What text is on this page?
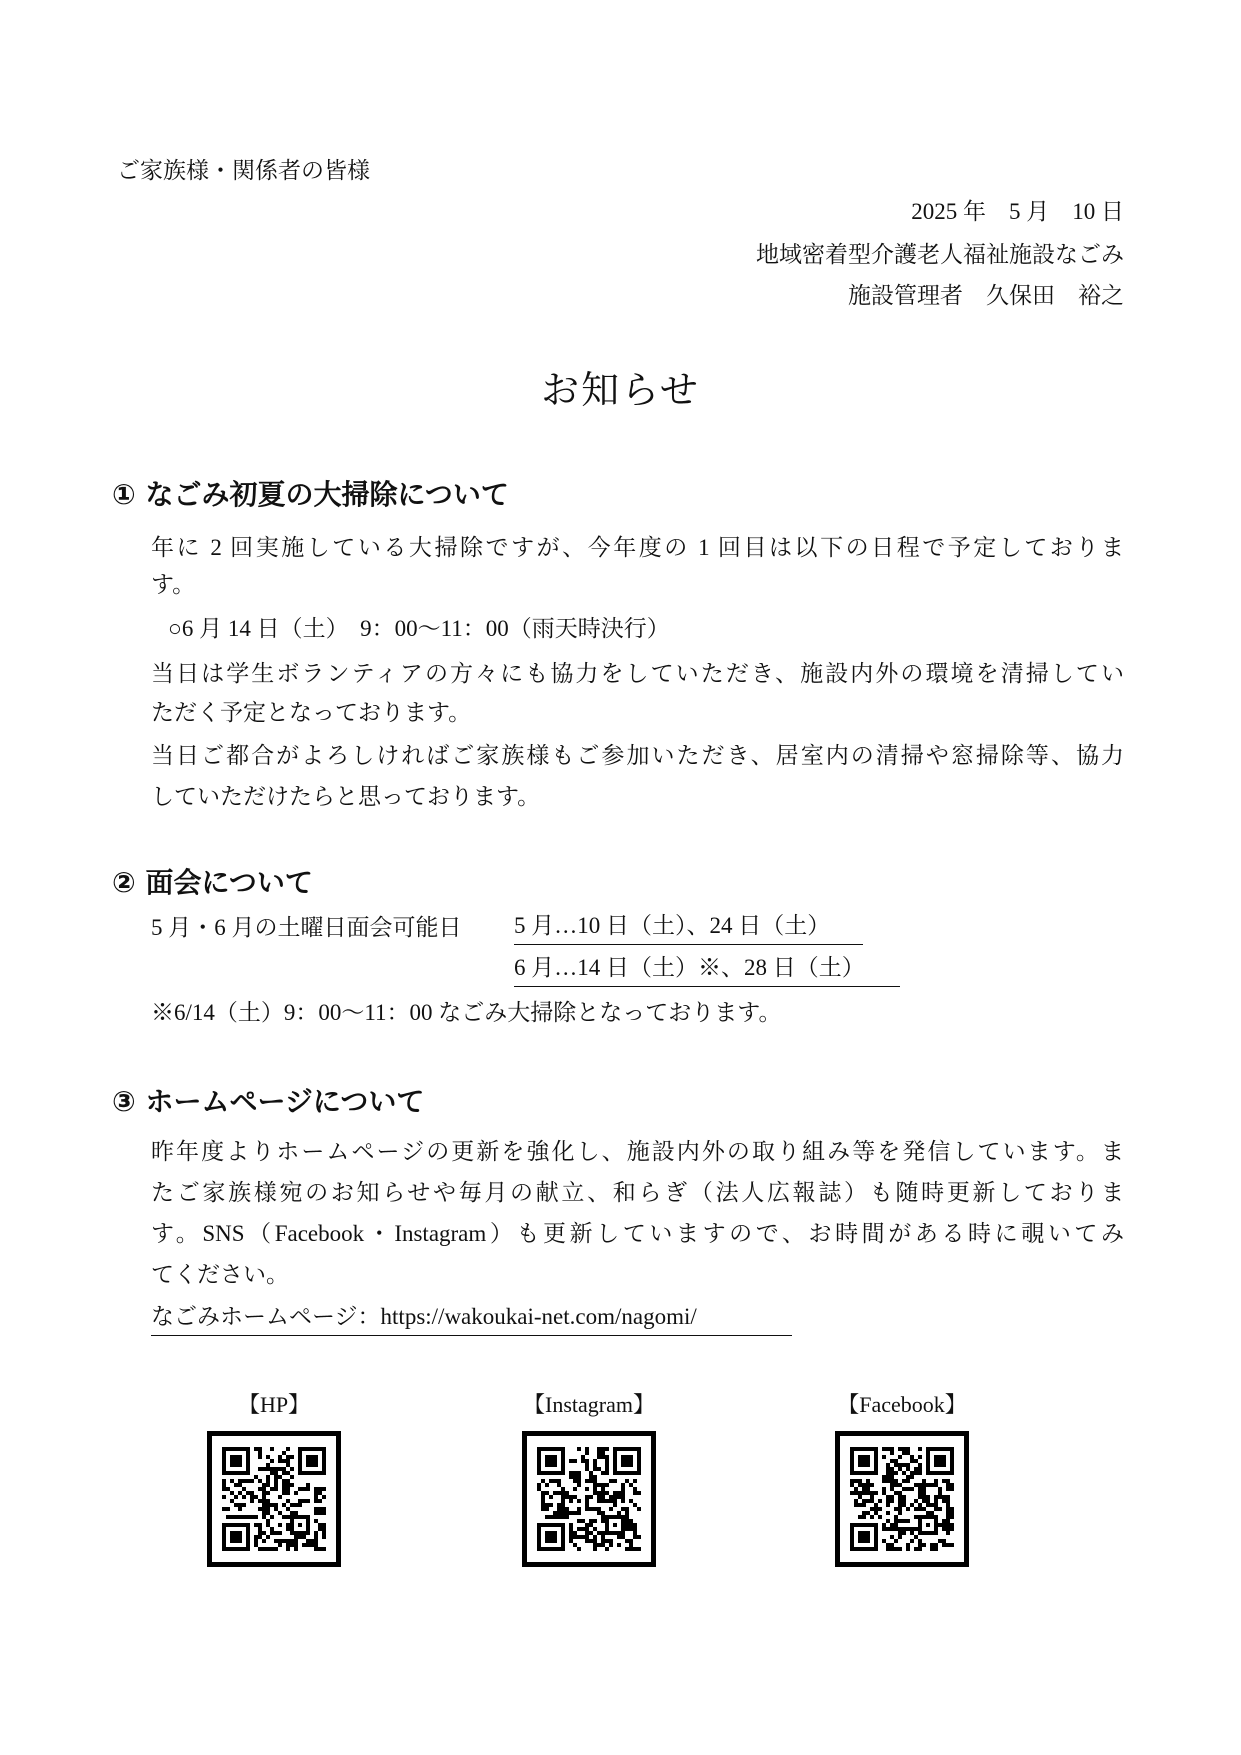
ご家族様・関係者の皆様
2025 年　5 月　10 日
地域密着型介護老人福祉施設なごみ
施設管理者　久保田　裕之
お知らせ
① なごみ初夏の大掃除について
年に 2 回実施している大掃除ですが、今年度の 1 回目は以下の日程で予定しておりま
す。
○6 月 14 日（土）　9：00～11：00（雨天時決行）
当日は学生ボランティアの方々にも協力をしていただき、施設内外の環境を清掃してい
ただく予定となっております。
当日ご都合がよろしければご家族様もご参加いただき、居室内の清掃や窓掃除等、協力
していただけたらと思っております。
② 面会について
5 月・6 月の土曜日面会可能日 5 月…10 日（土）、24 日（土）
6 月…14 日（土）※、28 日（土）
※6/14（土）9：00～11：00 なごみ大掃除となっております。
③ ホームページについて
昨年度よりホームページの更新を強化し、施設内外の取り組み等を発信しています。ま
たご家族様宛のお知らせや毎月の献立、和らぎ（法人広報誌）も随時更新しておりま
す。SNS（Facebook・Instagram）も更新していますので、お時間がある時に覗いてみ
てください。
なごみホームページ：https://wakoukai-net.com/nagomi/
【HP】	【Instagram】	【Facebook】
